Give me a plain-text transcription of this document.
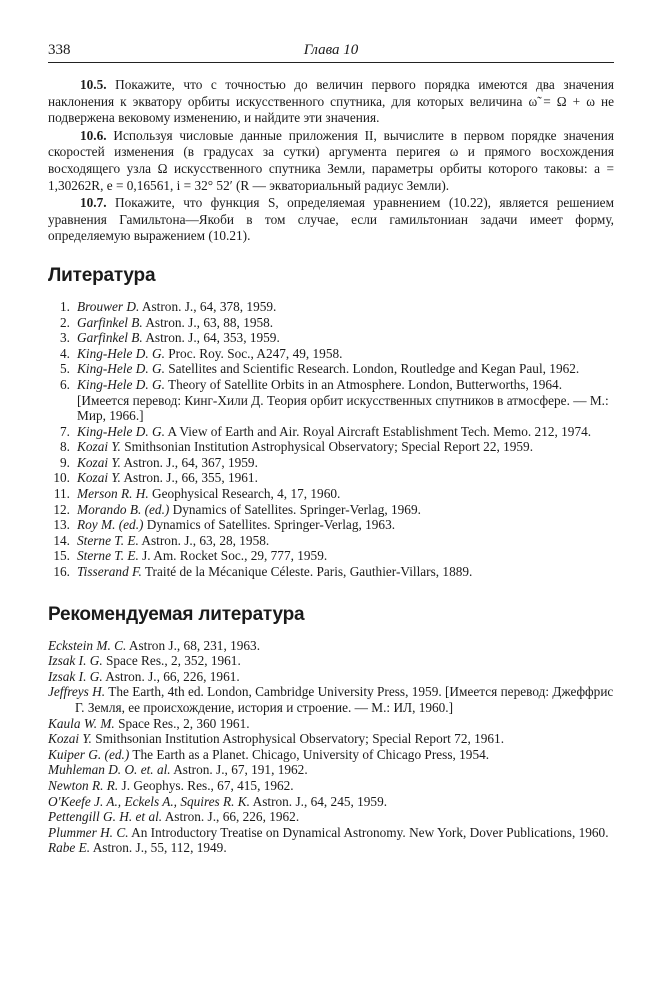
338	Глава 10

10.5. Покажите, что с точностью до величин первого порядка имеются два значения наклонения к экватору орбиты искусственного спутника, для которых величина ω̃ = Ω + ω не подвержена вековому изменению, и найдите эти значения.

10.6. Используя числовые данные приложения II, вычислите в первом порядке значения скоростей изменения (в градусах за сутки) аргумента перигея ω и прямого восхождения восходящего узла Ω искусственного спутника Земли, параметры орбиты которого таковы: a = 1,30262R, e = 0,16561, i = 32° 52′ (R — экваториальный радиус Земли).

10.7. Покажите, что функция S, определяемая уравнением (10.22), является решением уравнения Гамильтона—Якоби в том случае, если гамильтониан задачи имеет форму, определяемую выражением (10.21).

Литература
1. Brouwer D. Astron. J., 64, 378, 1959.
2. Garfinkel B. Astron. J., 63, 88, 1958.
3. Garfinkel B. Astron. J., 64, 353, 1959.
4. King-Hele D. G. Proc. Roy. Soc., A247, 49, 1958.
5. King-Hele D. G. Satellites and Scientific Research. London, Routledge and Kegan Paul, 1962.
6. King-Hele D. G. Theory of Satellite Orbits in an Atmosphere. London, Butterworths, 1964. [Имеется перевод: Кинг-Хили Д. Теория орбит искусственных спутников в атмосфере. — М.: Мир, 1966.]
7. King-Hele D. G. A View of Earth and Air. Royal Aircraft Establishment Tech. Memo. 212, 1974.
8. Kozai Y. Smithsonian Institution Astrophysical Observatory; Special Report 22, 1959.
9. Kozai Y. Astron. J., 64, 367, 1959.
10. Kozai Y. Astron. J., 66, 355, 1961.
11. Merson R. H. Geophysical Research, 4, 17, 1960.
12. Morando B. (ed.) Dynamics of Satellites. Springer-Verlag, 1969.
13. Roy M. (ed.) Dynamics of Satellites. Springer-Verlag, 1963.
14. Sterne T. E. Astron. J., 63, 28, 1958.
15. Sterne T. E. J. Am. Rocket Soc., 29, 777, 1959.
16. Tisserand F. Traité de la Mécanique Céleste. Paris, Gauthier-Villars, 1889.
Рекомендуемая литература
Eckstein M. C. Astron J., 68, 231, 1963.
Izsak I. G. Space Res., 2, 352, 1961.
Izsak I. G. Astron. J., 66, 226, 1961.
Jeffreys H. The Earth, 4th ed. London, Cambridge University Press, 1959. [Имеется перевод: Джеффрис Г. Земля, ее происхождение, история и строение. — М.: ИЛ, 1960.]
Kaula W. M. Space Res., 2, 360 1961.
Kozai Y. Smithsonian Institution Astrophysical Observatory; Special Report 72, 1961.
Kuiper G. (ed.) The Earth as a Planet. Chicago, University of Chicago Press, 1954.
Muhleman D. O. et. al. Astron. J., 67, 191, 1962.
Newton R. R. J. Geophys. Res., 67, 415, 1962.
O'Keefe J. A., Eckels A., Squires R. K. Astron. J., 64, 245, 1959.
Pettengill G. H. et al. Astron. J., 66, 226, 1962.
Plummer H. C. An Introductory Treatise on Dynamical Astronomy. New York, Dover Publications, 1960.
Rabe E. Astron. J., 55, 112, 1949.
